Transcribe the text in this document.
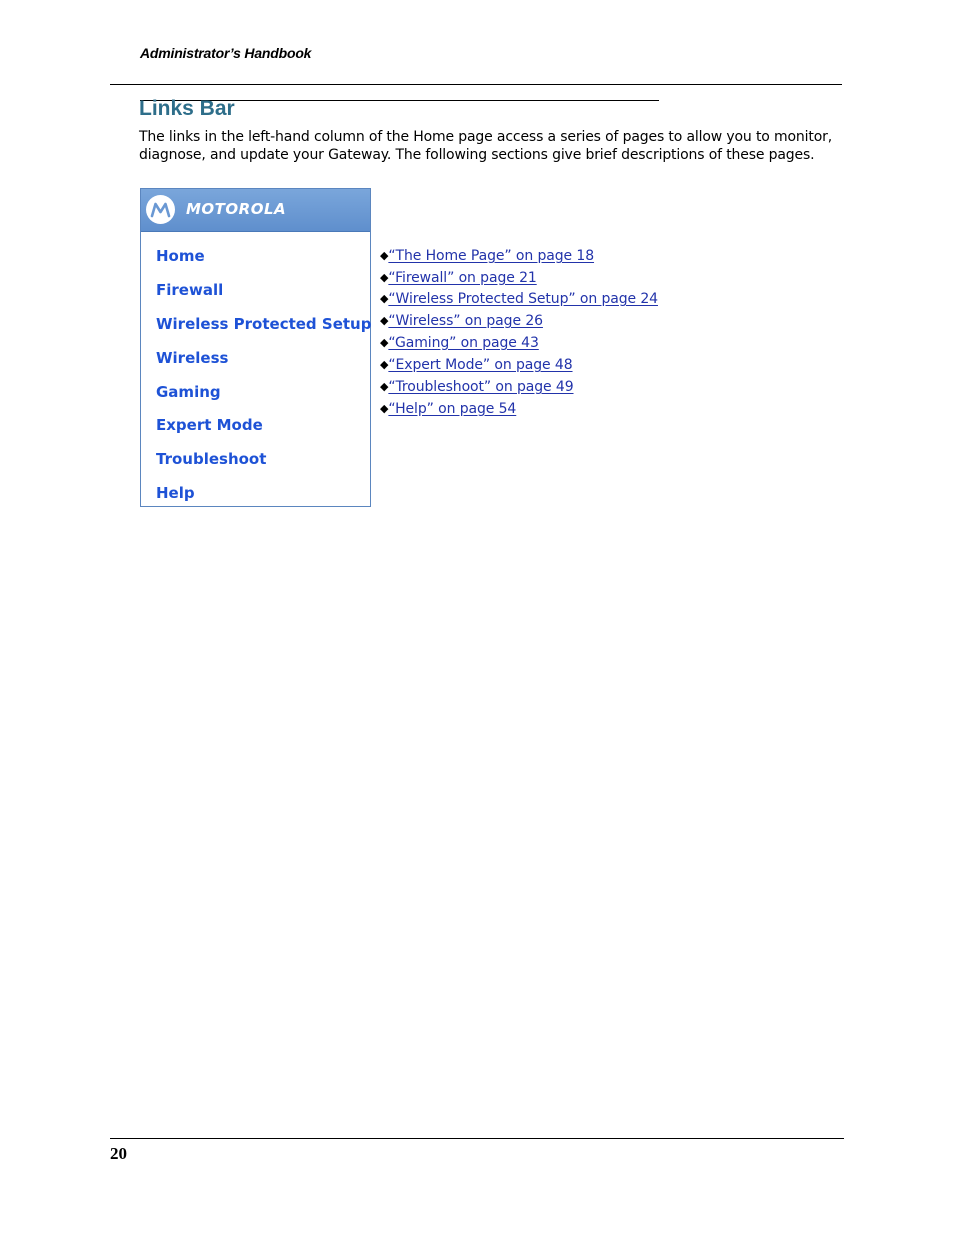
Administrator’s Handbook
Links Bar

The links in the left-hand column of the Home page access a series of pages to allow you to monitor, diagnose, and update your Gateway. The following sections give brief descriptions of these pages.

MOTOROLA
Home
Firewall
Wireless Protected Setup
Wireless
Gaming
Expert Mode
Troubleshoot
Help
◆“The Home Page” on page 18
◆“Firewall” on page 21
◆“Wireless Protected Setup” on page 24
◆“Wireless” on page 26
◆“Gaming” on page 43
◆“Expert Mode” on page 48
◆“Troubleshoot” on page 49
◆“Help” on page 54
20
